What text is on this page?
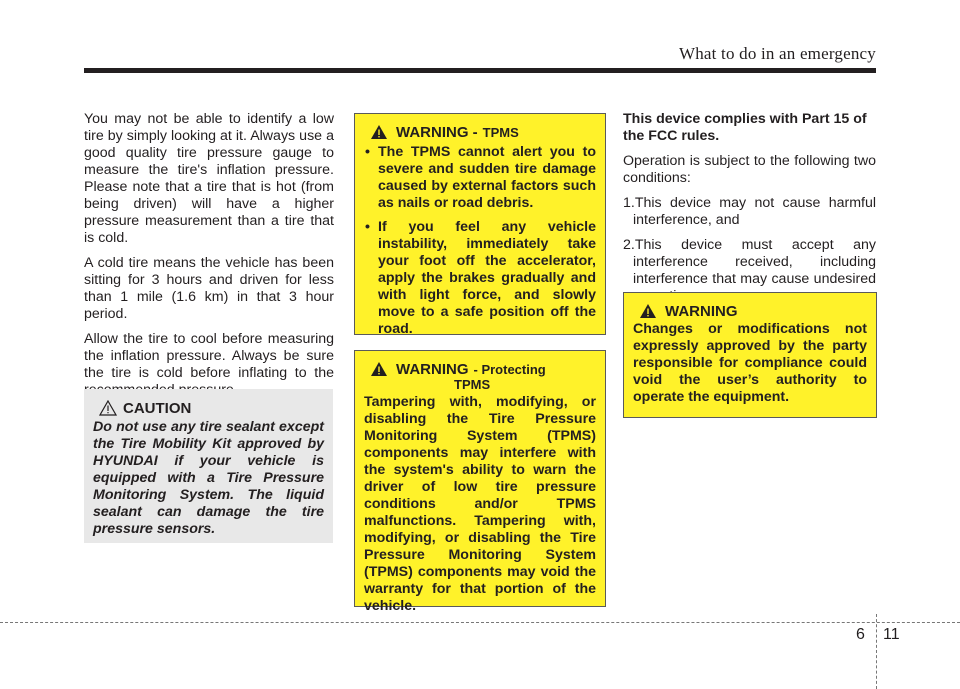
What to do in an emergency

You may not be able to identify a low tire by simply looking at it. Always use a good quality tire pressure gauge to measure the tire's inflation pressure. Please note that a tire that is hot (from being driven) will have a higher pressure measurement than a tire that is cold.

A cold tire means the vehicle has been sitting for 3 hours and driven for less than 1 mile (1.6 km) in that 3 hour period.

Allow the tire to cool before measuring the inflation pressure. Always be sure the tire is cold before inflating to the

CAUTION
Do not use any tire sealant except the Tire Mobility Kit approved by HYUNDAI if your vehicle is equipped with a Tire Pressure Monitoring System. The liquid sealant can damage the tire pressure sensors.
WARNING - TPMS
• The TPMS cannot alert you to severe and sudden tire damage caused by external factors such as nails or road debris.
• If you feel any vehicle instability, immediately take your foot off the accelerator, apply the brakes gradually and with light force, and slowly move to a safe position off the road.
WARNING - Protecting
TPMS
Tampering with, modifying, or disabling the Tire Pressure Monitoring System (TPMS) components may interfere with the system's ability to warn the driver of low tire pressure conditions and/or TPMS malfunctions. Tampering with, modifying, or disabling the Tire Pressure Monitoring System (TPMS) components may void the warranty for that portion of the vehicle.

This device complies with Part 15 of the FCC rules.

Operation is subject to the following two conditions:

1.This device may not cause harmful interference, and

2.This device must accept any interference received, including interference that may cause undesired

WARNING
Changes or modifications not expressly approved by the party responsible for compliance could void the user’s authority to operate the equipment.
6 11
